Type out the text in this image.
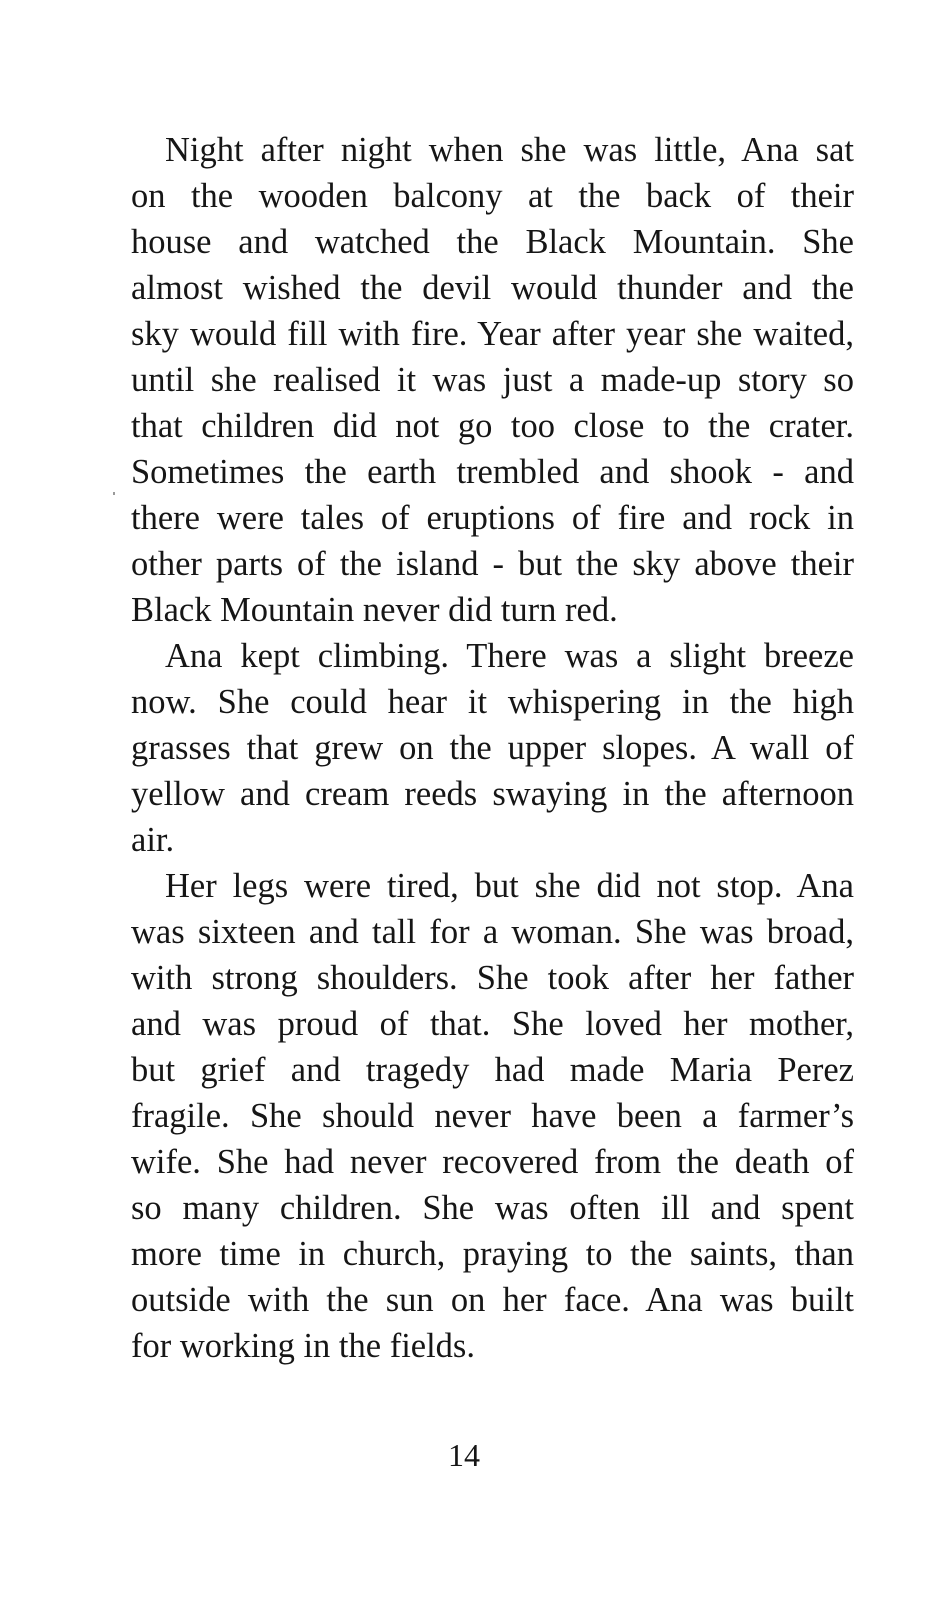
Night after night when she was little, Ana sat
on the wooden balcony at the back of their
house and watched the Black Mountain. She
almost wished the devil would thunder and the
sky would fill with fire. Year after year she waited,
until she realised it was just a made-up story so
that children did not go too close to the crater.
Sometimes the earth trembled and shook - and
there were tales of eruptions of fire and rock in
other parts of the island - but the sky above their
Black Mountain never did turn red.

Ana kept climbing. There was a slight breeze
now. She could hear it whispering in the high
grasses that grew on the upper slopes. A wall of
yellow and cream reeds swaying in the afternoon
air.

Her legs were tired, but she did not stop. Ana
was sixteen and tall for a woman. She was broad,
with strong shoulders. She took after her father
and was proud of that. She loved her mother,
but grief and tragedy had made Maria Perez
fragile. She should never have been a farmer’s
wife. She had never recovered from the death of
so many children. She was often ill and spent
more time in church, praying to the saints, than
outside with the sun on her face. Ana was built
for working in the fields.

14
